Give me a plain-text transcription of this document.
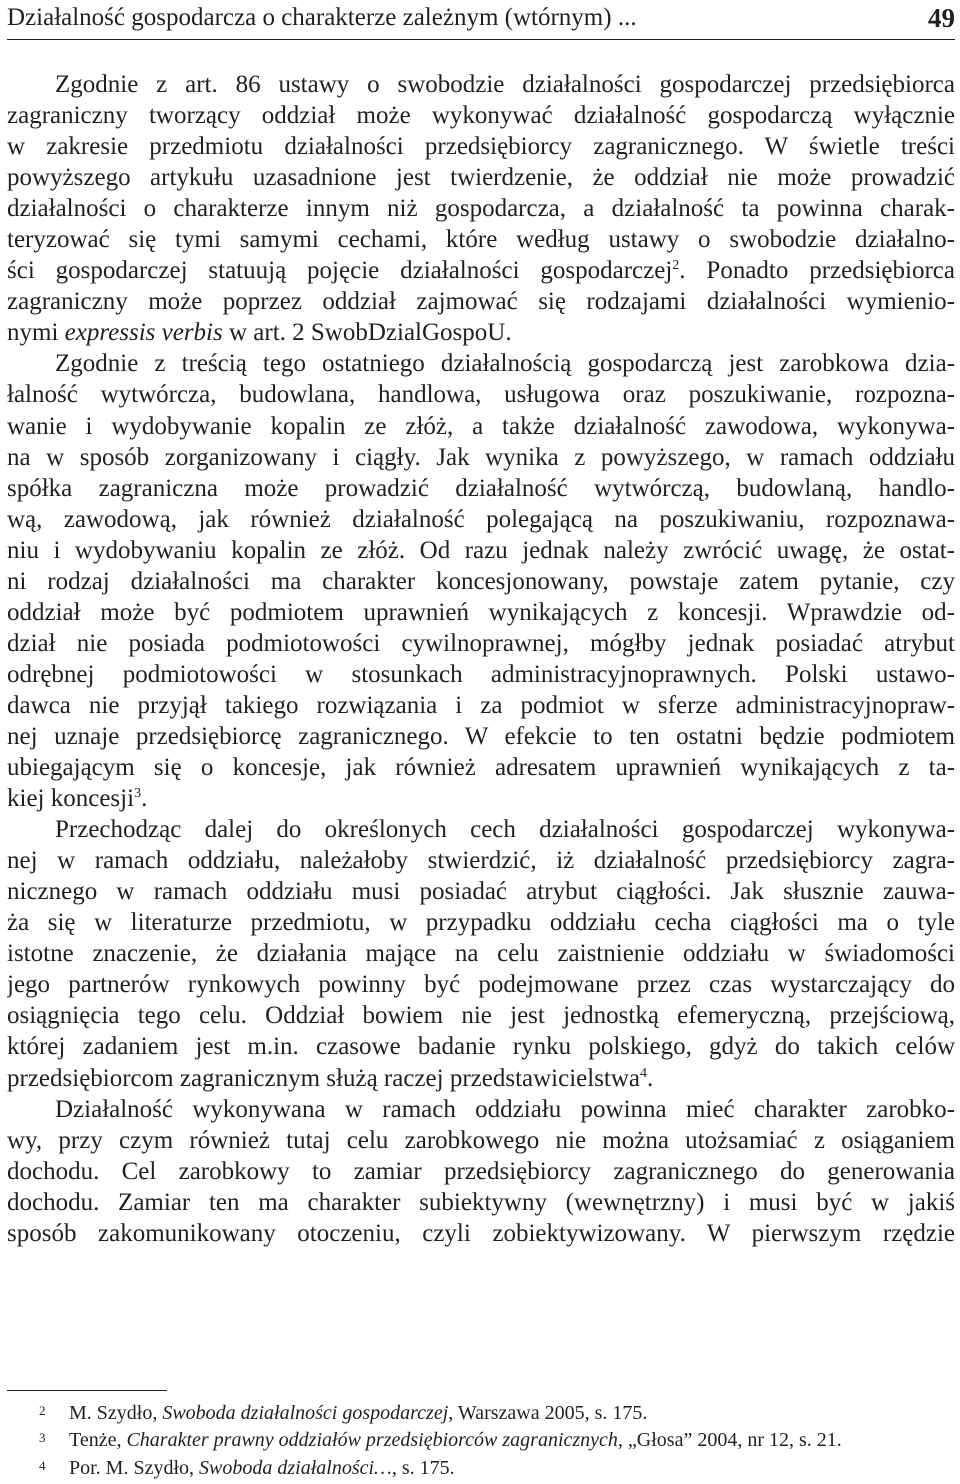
Działalność gospodarcza o charakterze zależnym (wtórnym) ...	49
Zgodnie z art. 86 ustawy o swobodzie działalności gospodarczej przedsiębiorca
zagraniczny tworzący oddział może wykonywać działalność gospodarczą wyłącznie
w zakresie przedmiotu działalności przedsiębiorcy zagranicznego. W świetle treści
powyższego artykułu uzasadnione jest twierdzenie, że oddział nie może prowadzić
działalności o charakterze innym niż gospodarcza, a działalność ta powinna charak-
teryzować się tymi samymi cechami, które według ustawy o swobodzie działalno-
ści gospodarczej statuują pojęcie działalności gospodarczej$^2$. Ponadto przedsiębiorca
zagraniczny może poprzez oddział zajmować się rodzajami działalności wymienio-
nymi expressis verbis w art. 2 SwobDzialGospoU.
Zgodnie z treścią tego ostatniego działalnością gospodarczą jest zarobkowa dzia-
łalność wytwórcza, budowlana, handlowa, usługowa oraz poszukiwanie, rozpozna-
wanie i wydobywanie kopalin ze złóż, a także działalność zawodowa, wykonywa-
na w sposób zorganizowany i ciągły. Jak wynika z powyższego, w ramach oddziału
spółka zagraniczna może prowadzić działalność wytwórczą, budowlaną, handlo-
wą, zawodową, jak również działalność polegającą na poszukiwaniu, rozpoznawa-
niu i wydobywaniu kopalin ze złóż. Od razu jednak należy zwrócić uwagę, że ostat-
ni rodzaj działalności ma charakter koncesjonowany, powstaje zatem pytanie, czy
oddział może być podmiotem uprawnień wynikających z koncesji. Wprawdzie od-
dział nie posiada podmiotowości cywilnoprawnej, mógłby jednak posiadać atrybut
odrębnej podmiotowości w stosunkach administracyjnoprawnych. Polski ustawo-
dawca nie przyjął takiego rozwiązania i za podmiot w sferze administracyjnopraw-
nej uznaje przedsiębiorcę zagranicznego. W efekcie to ten ostatni będzie podmiotem
ubiegającym się o koncesje, jak również adresatem uprawnień wynikających z ta-
kiej koncesji$^3$.
Przechodząc dalej do określonych cech działalności gospodarczej wykonywa-
nej w ramach oddziału, należałoby stwierdzić, iż działalność przedsiębiorcy zagra-
nicznego w ramach oddziału musi posiadać atrybut ciągłości. Jak słusznie zauwa-
ża się w literaturze przedmiotu, w przypadku oddziału cecha ciągłości ma o tyle
istotne znaczenie, że działania mające na celu zaistnienie oddziału w świadomości
jego partnerów rynkowych powinny być podejmowane przez czas wystarczający do
osiągnięcia tego celu. Oddział bowiem nie jest jednostką efemeryczną, przejściową,
której zadaniem jest m.in. czasowe badanie rynku polskiego, gdyż do takich celów
przedsiębiorcom zagranicznym służą raczej przedstawicielstwa$^4$.
Działalność wykonywana w ramach oddziału powinna mieć charakter zarobko-
wy, przy czym również tutaj celu zarobkowego nie można utożsamiać z osiąganiem
dochodu. Cel zarobkowy to zamiar przedsiębiorcy zagranicznego do generowania
dochodu. Zamiar ten ma charakter subiektywny (wewnętrzny) i musi być w jakiś
sposób zakomunikowany otoczeniu, czyli zobiektywizowany. W pierwszym rzędzie
2 M. Szydło, Swoboda działalności gospodarczej, Warszawa 2005, s. 175.
3 Tenże, Charakter prawny oddziałów przedsiębiorców zagranicznych, „Głosa” 2004, nr 12, s. 21.
4 Por. M. Szydło, Swoboda działalności…, s. 175.
